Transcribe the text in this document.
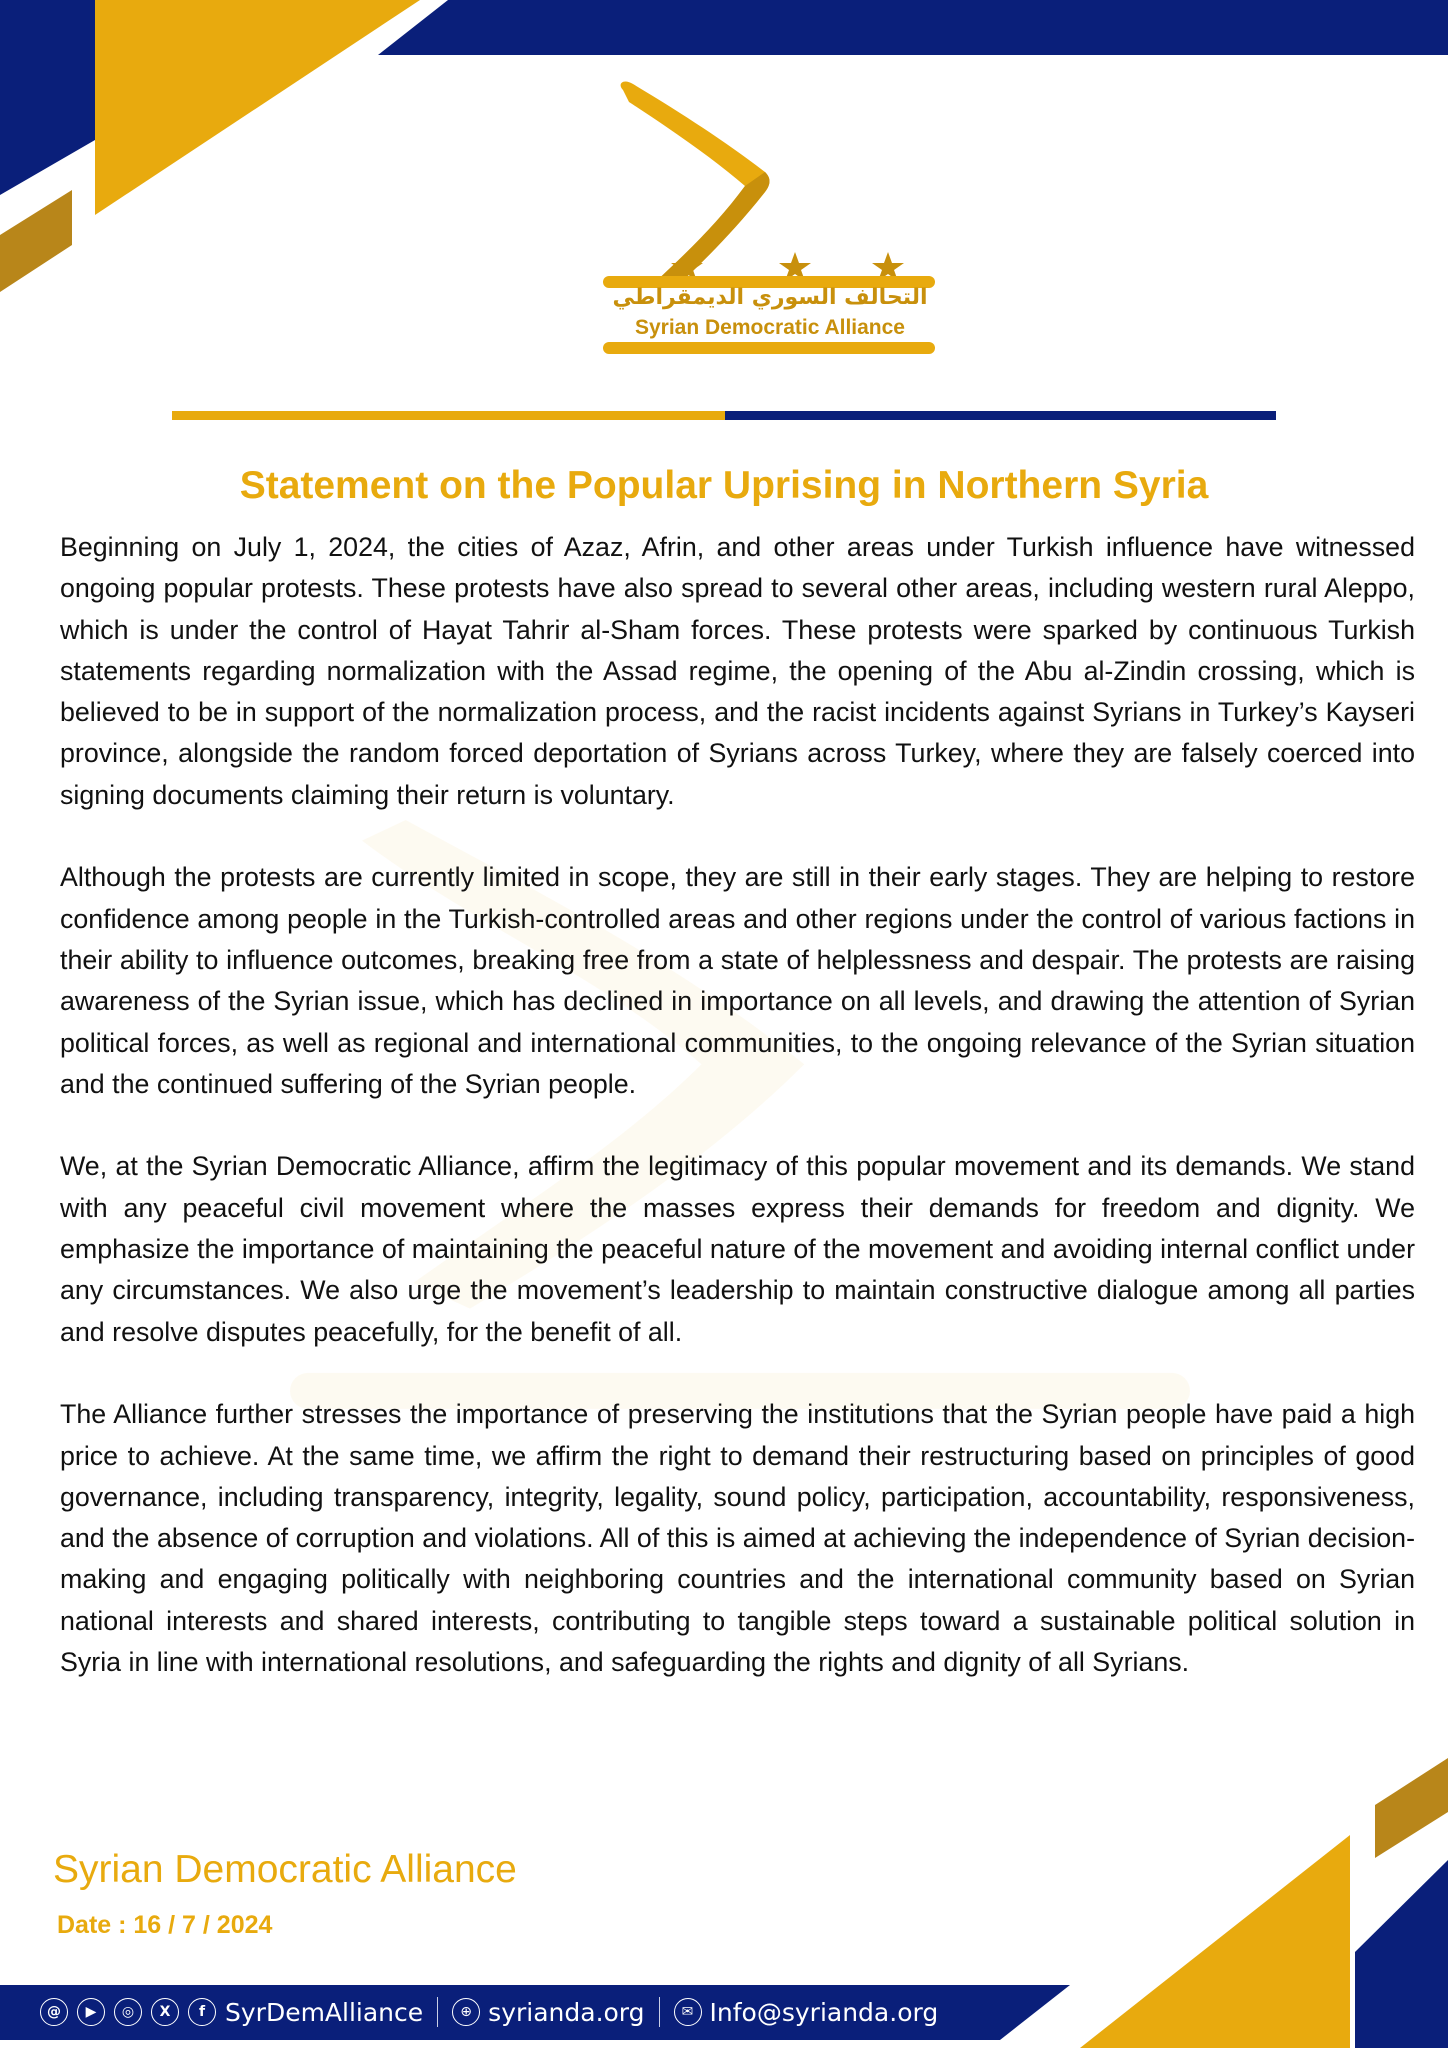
التحالف السوري الديمقراطي
Syrian Democratic Alliance
Statement on the Popular Uprising in Northern Syria

Beginning on July 1, 2024, the cities of Azaz, Afrin, and other areas under Turkish influence have witnessed ongoing popular protests. These protests have also spread to several other areas, including western rural Aleppo, which is under the control of Hayat Tahrir al-Sham forces. These protests were sparked by continuous Turkish statements regarding normalization with the Assad regime, the opening of the Abu al-Zindin crossing, which is believed to be in support of the normalization process, and the racist incidents against Syrians in Turkey’s Kayseri province, alongside the random forced deportation of Syrians across Turkey, where they are falsely coerced into signing documents claiming their return is voluntary.

Although the protests are currently limited in scope, they are still in their early stages. They are helping to restore confidence among people in the Turkish-controlled areas and other regions under the control of various factions in their ability to influence outcomes, breaking free from a state of helplessness and despair. The protests are raising awareness of the Syrian issue, which has declined in importance on all levels, and drawing the attention of Syrian political forces, as well as regional and international communities, to the ongoing relevance of the Syrian situation and the continued suffering of the Syrian people.

We, at the Syrian Democratic Alliance, affirm the legitimacy of this popular movement and its demands. We stand with any peaceful civil movement where the masses express their demands for freedom and dignity. We emphasize the importance of maintaining the peaceful nature of the movement and avoiding internal conflict under any circumstances. We also urge the movement’s leadership to maintain constructive dialogue among all parties and resolve disputes peacefully, for the benefit of all.

The Alliance further stresses the importance of preserving the institutions that the Syrian people have paid a high price to achieve. At the same time, we affirm the right to demand their restructuring based on principles of good governance, including transparency, integrity, legality, sound policy, participation, accountability, responsiveness, and the absence of corruption and violations. All of this is aimed at achieving the independence of Syrian decision-making and engaging politically with neighboring countries and the international community based on Syrian national interests and shared interests, contributing to tangible steps toward a sustainable political solution in Syria in line with international resolutions, and safeguarding the rights and dignity of all Syrians.

Syrian Democratic Alliance
Date : 16 / 7 / 2024
@	▶	◎	X	f SyrDemAlliance	⊕ syrianda.org	✉ Info@syrianda.org
